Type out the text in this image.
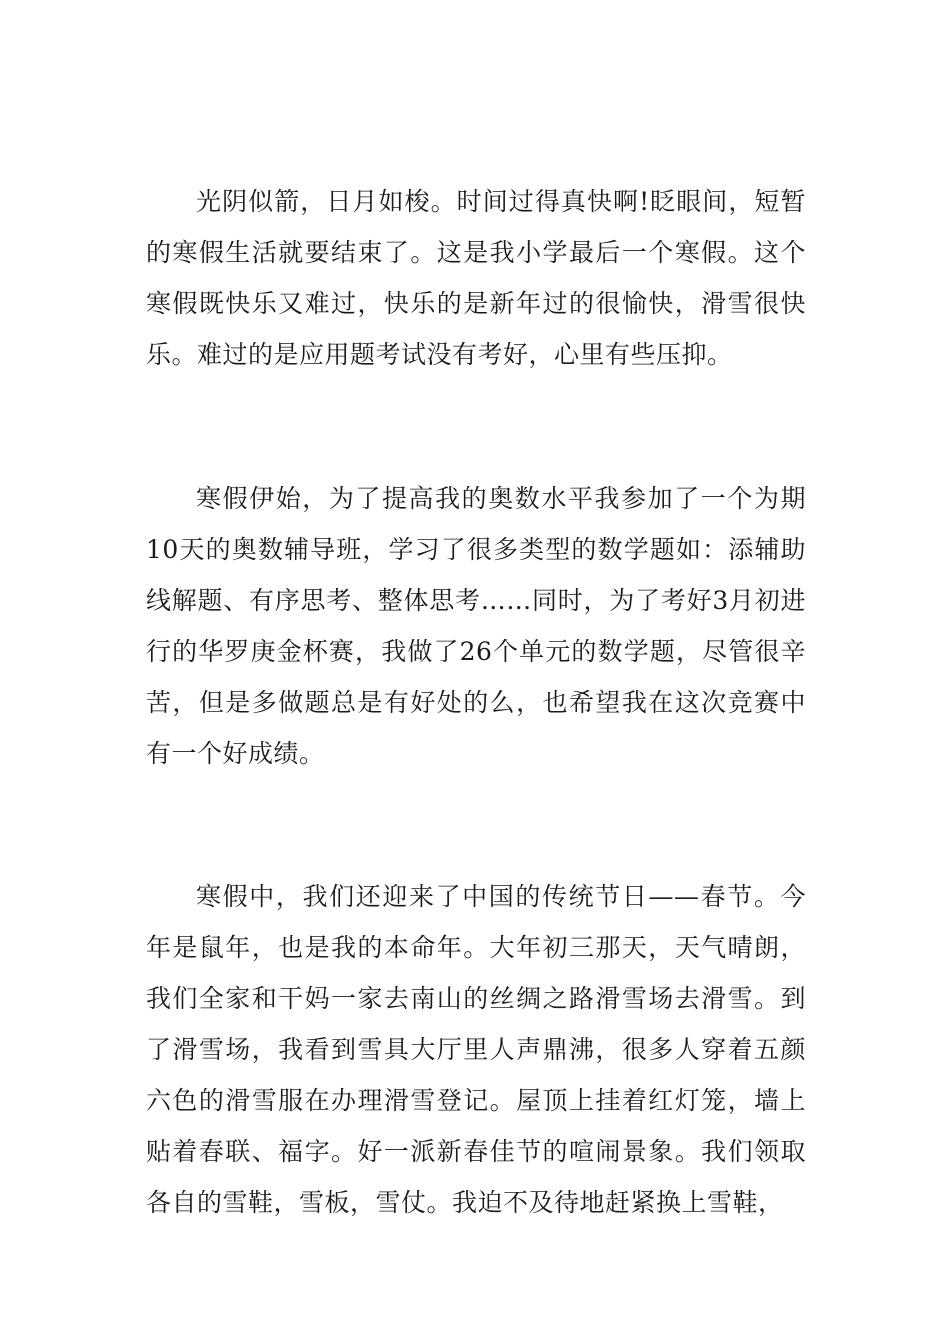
光阴似箭，日月如梭。时间过得真快啊!眨眼间，短暂的寒假生活就要结束了。这是我小学最后一个寒假。这个寒假既快乐又难过，快乐的是新年过的很愉快，滑雪很快乐。难过的是应用题考试没有考好，心里有些压抑。

寒假伊始，为了提高我的奥数水平我参加了一个为期10天的奥数辅导班，学习了很多类型的数学题如：添辅助线解题、有序思考、整体思考……同时，为了考好3月初进行的华罗庚金杯赛，我做了26个单元的数学题，尽管很辛苦，但是多做题总是有好处的么，也希望我在这次竞赛中有一个好成绩。

寒假中，我们还迎来了中国的传统节日——春节。今年是鼠年，也是我的本命年。大年初三那天，天气晴朗，我们全家和干妈一家去南山的丝绸之路滑雪场去滑雪。到了滑雪场，我看到雪具大厅里人声鼎沸，很多人穿着五颜六色的滑雪服在办理滑雪登记。屋顶上挂着红灯笼，墙上贴着春联、福字。好一派新春佳节的喧闹景象。我们领取各自的雪鞋，雪板，雪仗。我迫不及待地赶紧换上雪鞋，
